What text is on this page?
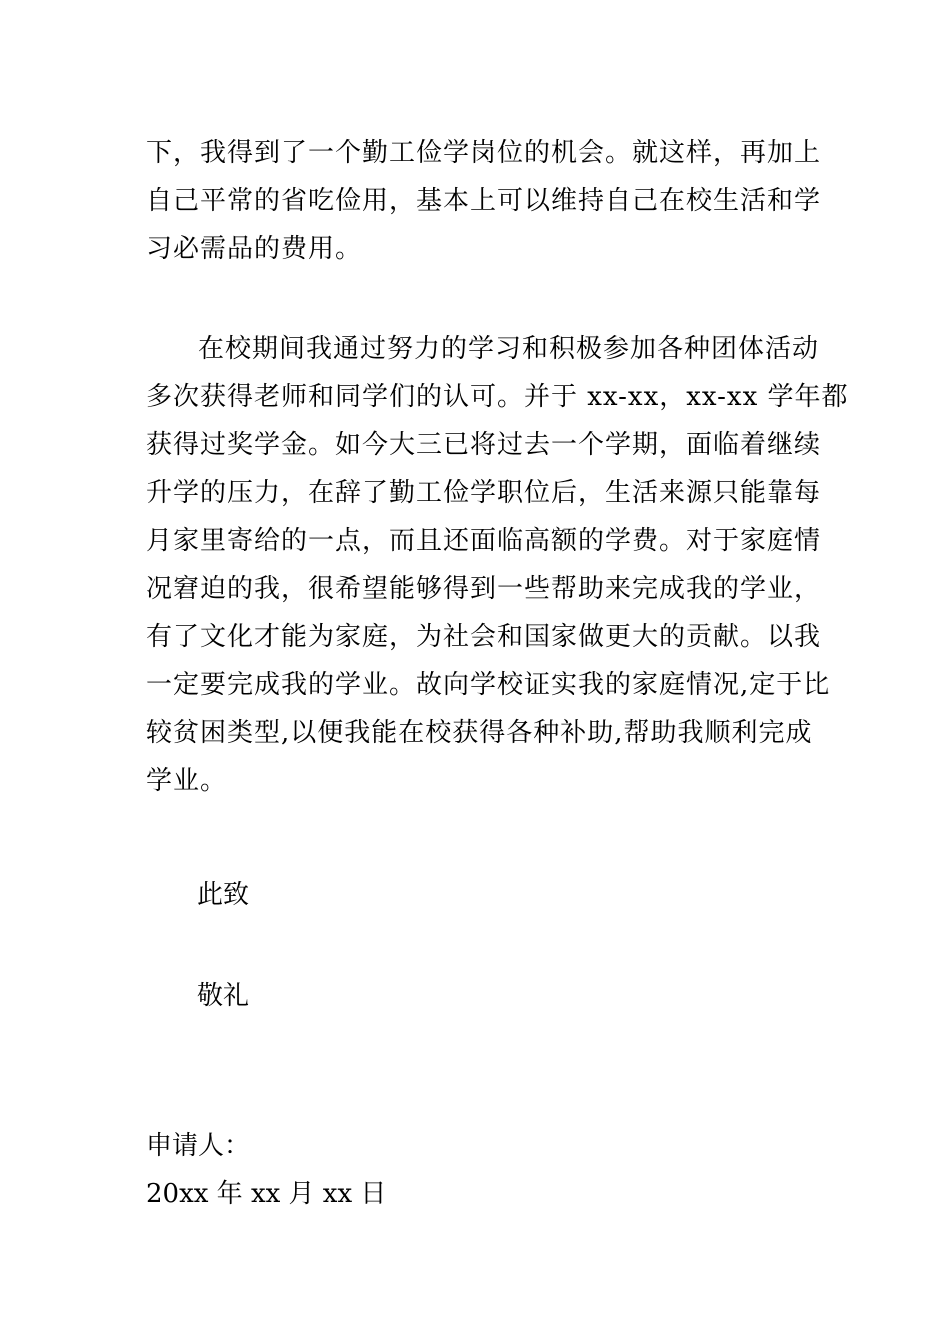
下，我得到了一个勤工俭学岗位的机会。就这样，再加上
自己平常的省吃俭用，基本上可以维持自己在校生活和学
习必需品的费用。
在校期间我通过努力的学习和积极参加各种团体活动
多次获得老师和同学们的认可。并于 xx-xx，xx-xx 学年都
获得过奖学金。如今大三已将过去一个学期，面临着继续
升学的压力，在辞了勤工俭学职位后，生活来源只能靠每
月家里寄给的一点，而且还面临高额的学费。对于家庭情
况窘迫的我，很希望能够得到一些帮助来完成我的学业，
有了文化才能为家庭，为社会和国家做更大的贡献。以我
一定要完成我的学业。故向学校证实我的家庭情况,定于比
较贫困类型,以便我能在校获得各种补助,帮助我顺利完成
学业。
此致
敬礼
申请人：
20xx 年 xx 月 xx 日
